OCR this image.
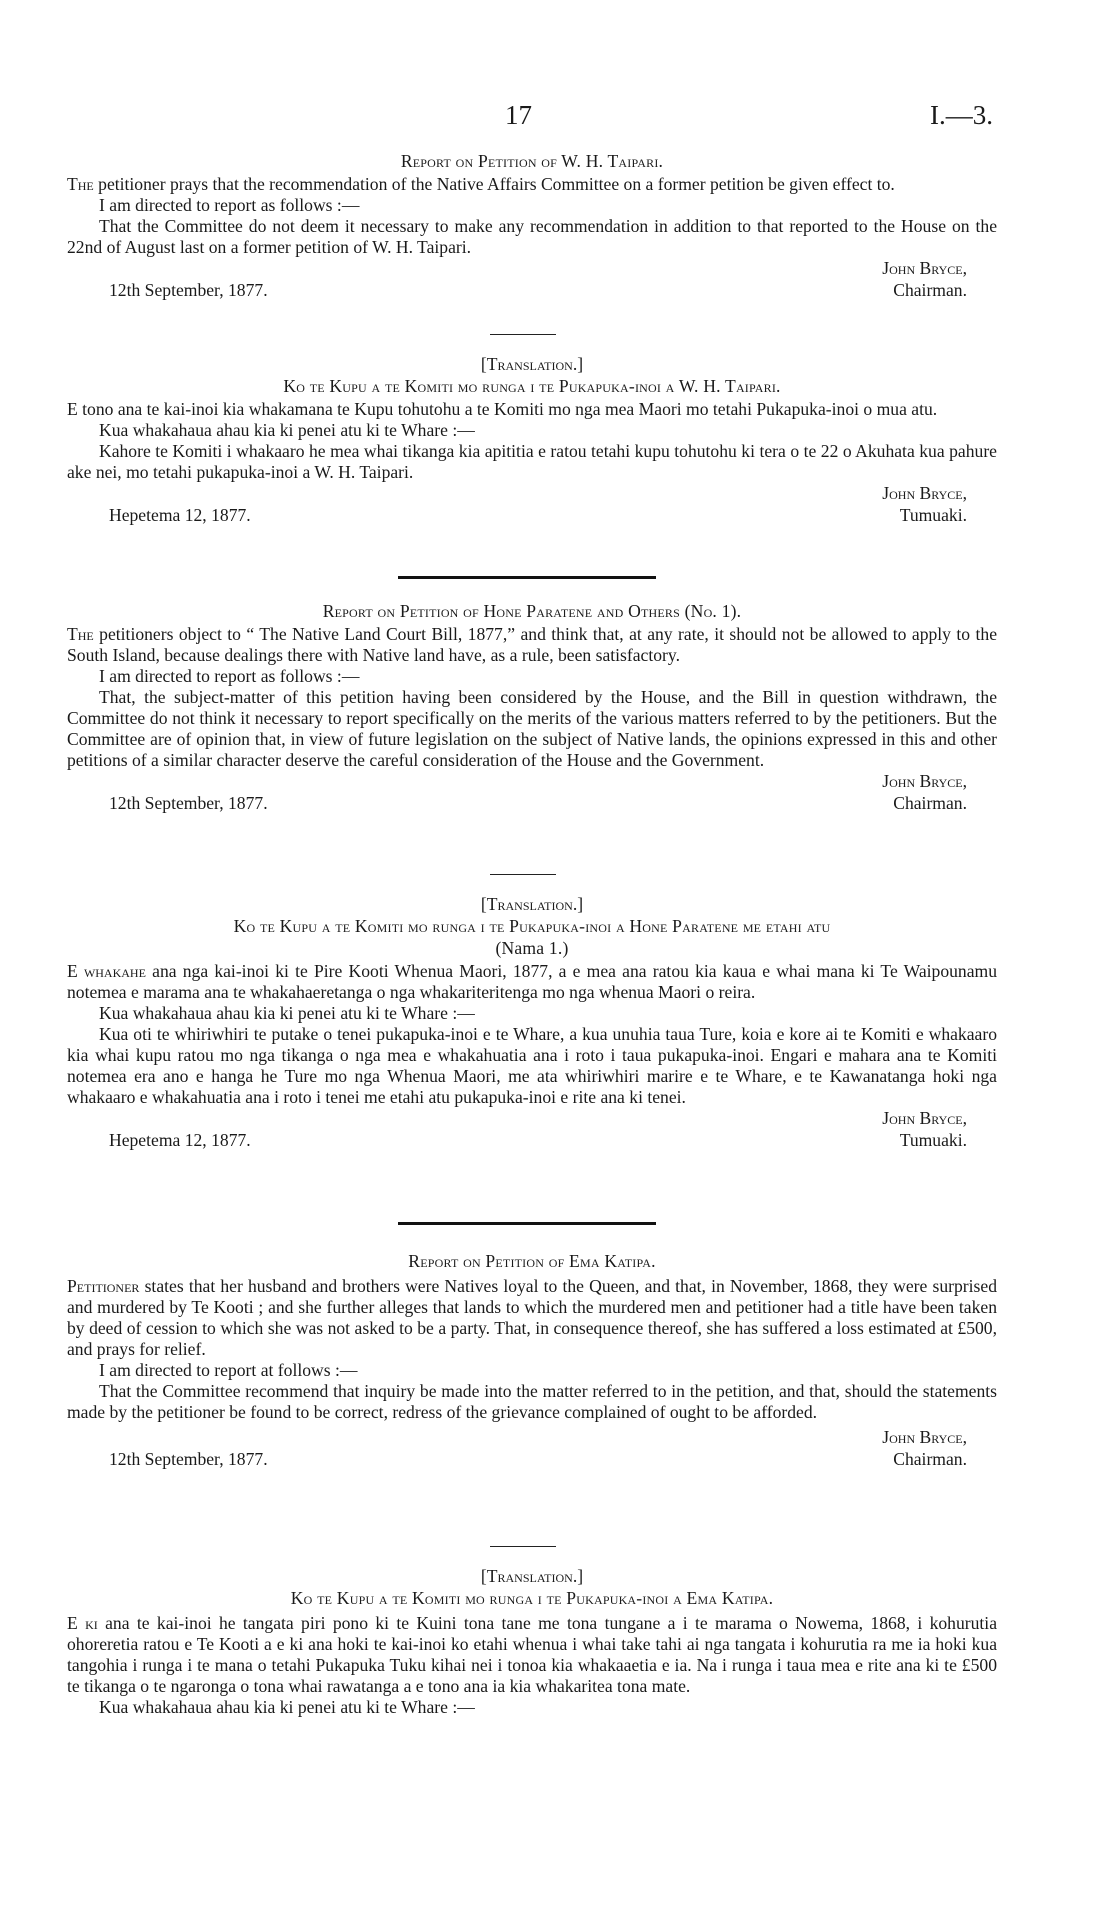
17	I.—3.
Report on Petition of W. H. Taipari.

The petitioner prays that the recommendation of the Native Affairs Committee on a former petition be given effect to.

I am directed to report as follows :—

That the Committee do not deem it necessary to make any recommendation in addition to that reported to the House on the 22nd of August last on a former petition of W. H. Taipari.

John Bryce,
12th September, 1877.	Chairman.
[Translation.]
Ko te Kupu a te Komiti mo runga i te Pukapuka-inoi a W. H. Taipari.

E tono ana te kai-inoi kia whakamana te Kupu tohutohu a te Komiti mo nga mea Maori mo tetahi Pukapuka-inoi o mua atu.

Kua whakahaua ahau kia ki penei atu ki te Whare :—

Kahore te Komiti i whakaaro he mea whai tikanga kia apititia e ratou tetahi kupu tohutohu ki tera o te 22 o Akuhata kua pahure ake nei, mo tetahi pukapuka-inoi a W. H. Taipari.

John Bryce,
Hepetema 12, 1877.	Tumuaki.
Report on Petition of Hone Paratene and Others (No. 1).

The petitioners object to “ The Native Land Court Bill, 1877,” and think that, at any rate, it should not be allowed to apply to the South Island, because dealings there with Native land have, as a rule, been satisfactory.

I am directed to report as follows :—

That, the subject-matter of this petition having been considered by the House, and the Bill in question withdrawn, the Committee do not think it necessary to report specifically on the merits of the various matters referred to by the petitioners. But the Committee are of opinion that, in view of future legislation on the subject of Native lands, the opinions expressed in this and other petitions of a similar character deserve the careful consideration of the House and the Government.

John Bryce,
12th September, 1877.	Chairman.
[Translation.]
Ko te Kupu a te Komiti mo runga i te Pukapuka-inoi a Hone Paratene me etahi atu
(Nama 1.)

E whakahe ana nga kai-inoi ki te Pire Kooti Whenua Maori, 1877, a e mea ana ratou kia kaua e whai mana ki Te Waipounamu notemea e marama ana te whakahaeretanga o nga whakariteritenga mo nga whenua Maori o reira.

Kua whakahaua ahau kia ki penei atu ki te Whare :—

Kua oti te whiriwhiri te putake o tenei pukapuka-inoi e te Whare, a kua unuhia taua Ture, koia e kore ai te Komiti e whakaaro kia whai kupu ratou mo nga tikanga o nga mea e whakahuatia ana i roto i taua pukapuka-inoi. Engari e mahara ana te Komiti notemea era ano e hanga he Ture mo nga Whenua Maori, me ata whiriwhiri marire e te Whare, e te Kawanatanga hoki nga whakaaro e whakahuatia ana i roto i tenei me etahi atu pukapuka-inoi e rite ana ki tenei.

John Bryce,
Hepetema 12, 1877.	Tumuaki.
Report on Petition of Ema Katipa.

Petitioner states that her husband and brothers were Natives loyal to the Queen, and that, in November, 1868, they were surprised and murdered by Te Kooti ; and she further alleges that lands to which the murdered men and petitioner had a title have been taken by deed of cession to which she was not asked to be a party. That, in consequence thereof, she has suffered a loss estimated at £500, and prays for relief.

I am directed to report at follows :—

That the Committee recommend that inquiry be made into the matter referred to in the petition, and that, should the statements made by the petitioner be found to be correct, redress of the grievance complained of ought to be afforded.

John Bryce,
12th September, 1877.	Chairman.
[Translation.]
Ko te Kupu a te Komiti mo runga i te Pukapuka-inoi a Ema Katipa.

E ki ana te kai-inoi he tangata piri pono ki te Kuini tona tane me tona tungane a i te marama o Nowema, 1868, i kohurutia ohoreretia ratou e Te Kooti a e ki ana hoki te kai-inoi ko etahi whenua i whai take tahi ai nga tangata i kohurutia ra me ia hoki kua tangohia i runga i te mana o tetahi Pukapuka Tuku kihai nei i tonoa kia whakaaetia e ia. Na i runga i taua mea e rite ana ki te £500 te tikanga o te ngaronga o tona whai rawatanga a e tono ana ia kia whakaritea tona mate.

Kua whakahaua ahau kia ki penei atu ki te Whare :—
